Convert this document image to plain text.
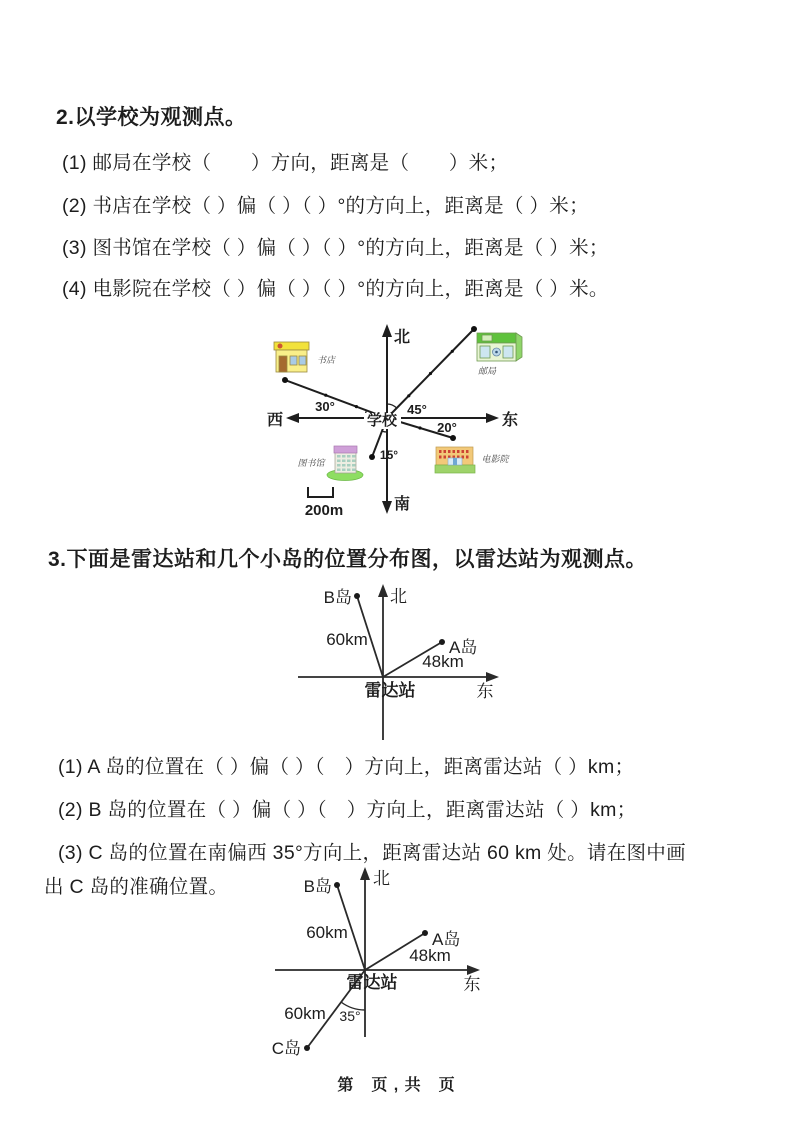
2.以学校为观测点。
(1) 邮局在学校（　　）方向，距离是（　　）米；
(2) 书店在学校（ ）偏（ ）（ ）°的方向上，距离是（ ）米；
(3) 图书馆在学校（ ）偏（ ）（ ）°的方向上，距离是（ ）米；
(4) 电影院在学校（ ）偏（ ）（ ）°的方向上，距离是（ ）米。
北
南
西	东
学校
45°
30°
20°
15°
书店
邮局
图书馆	电影院
200m
3.下面是雷达站和几个小岛的位置分布图，以雷达站为观测点。
北
B岛
60km	A岛
48km
雷达站	东
(1) A 岛的位置在（ ）偏（ ）（　）方向上，距离雷达站（ ）km；
(2) B 岛的位置在（ ）偏（ ）（　）方向上，距离雷达站（ ）km；
(3) C 岛的位置在南偏西 35°方向上，距离雷达站 60 km 处。请在图中画
出 C 岛的准确位置。	北
B岛
60km	A岛
48km
雷达站	东
60km 35°
C岛
第　页 , 共　页
